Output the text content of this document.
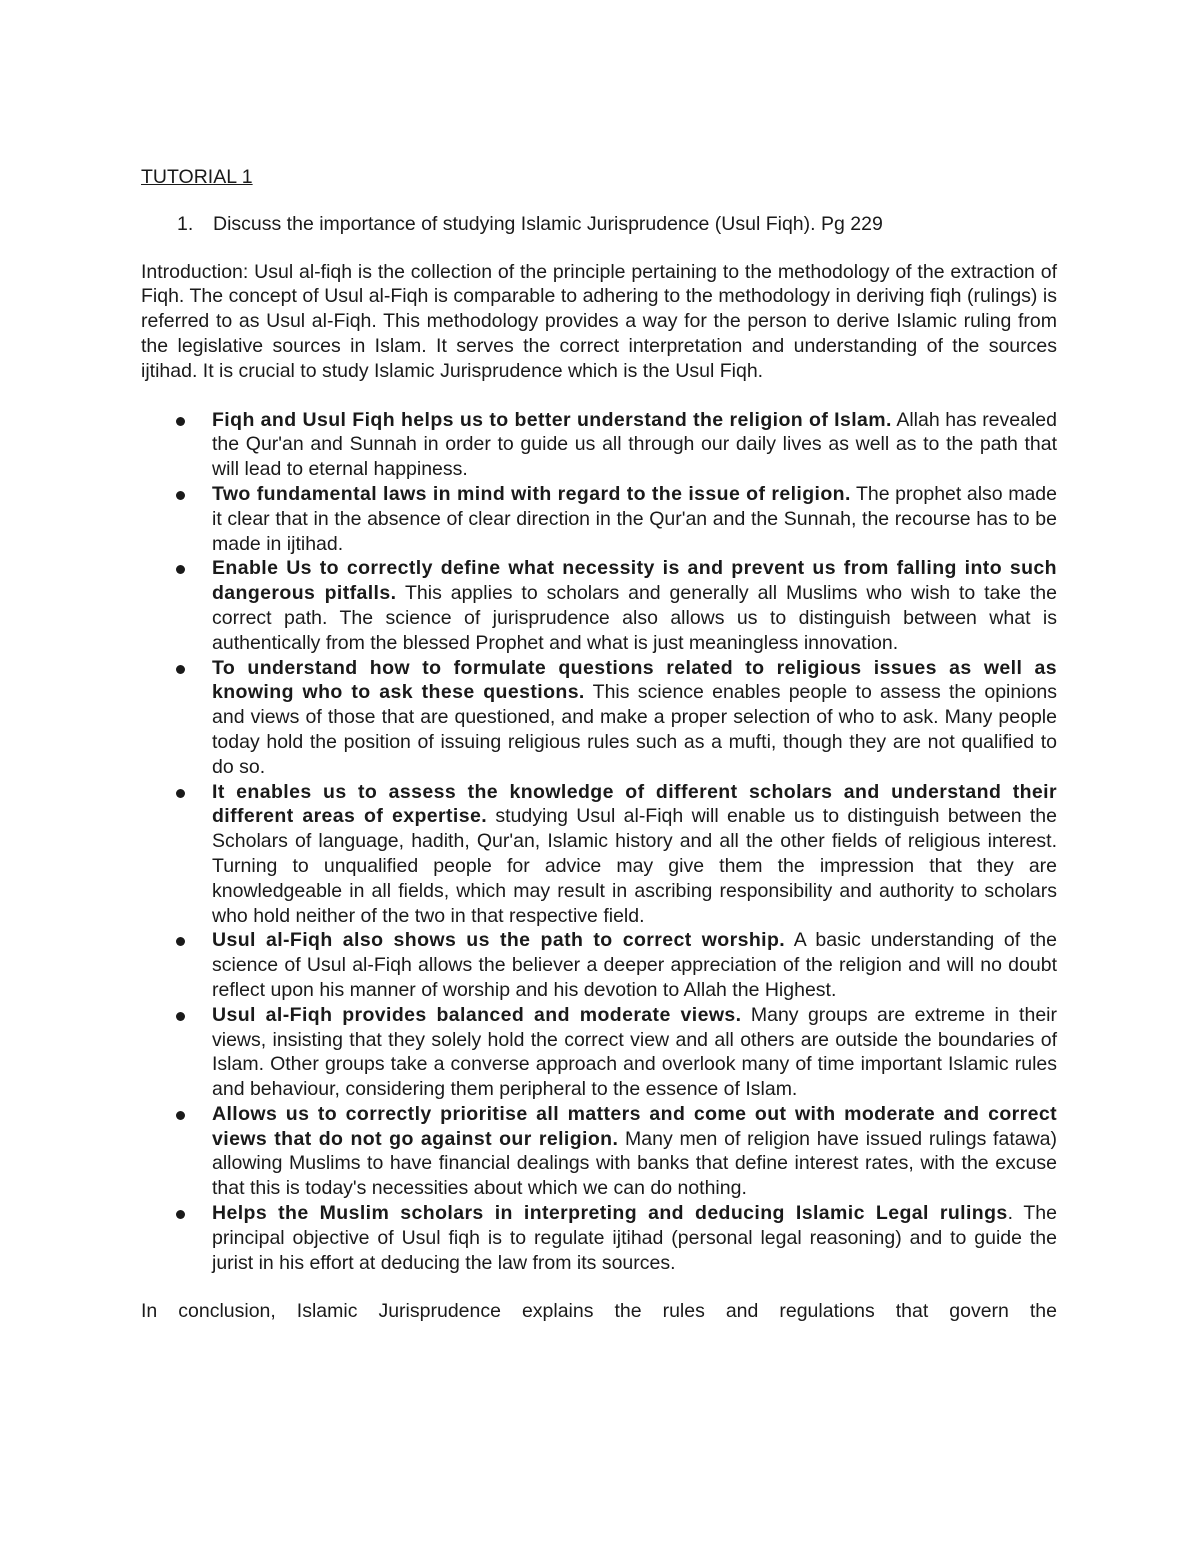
TUTORIAL 1
1.	Discuss the importance of studying Islamic Jurisprudence (Usul Fiqh). Pg 229

Introduction: Usul al-fiqh is the collection of the principle pertaining to the methodology of the extraction of Fiqh. The concept of Usul al-Fiqh is comparable to adhering to the methodology in deriving fiqh (rulings) is referred to as Usul al-Fiqh. This methodology provides a way for the person to derive Islamic ruling from the legislative sources in Islam. It serves the correct interpretation and understanding of the sources ijtihad. It is crucial to study Islamic Jurisprudence which is the Usul Fiqh.

Fiqh and Usul Fiqh helps us to better understand the religion of Islam. Allah has revealed the Qur'an and Sunnah in order to guide us all through our daily lives as well as to the path that will lead to eternal happiness.
Two fundamental laws in mind with regard to the issue of religion. The prophet also made it clear that in the absence of clear direction in the Qur'an and the Sunnah, the recourse has to be made in ijtihad.
Enable Us to correctly define what necessity is and prevent us from falling into such dangerous pitfalls. This applies to scholars and generally all Muslims who wish to take the correct path. The science of jurisprudence also allows us to distinguish between what is authentically from the blessed Prophet and what is just meaningless innovation.
To understand how to formulate questions related to religious issues as well as knowing who to ask these questions. This science enables people to assess the opinions and views of those that are questioned, and make a proper selection of who to ask. Many people today hold the position of issuing religious rules such as a mufti, though they are not qualified to do so.
It enables us to assess the knowledge of different scholars and understand their different areas of expertise. studying Usul al-Fiqh will enable us to distinguish between the Scholars of language, hadith, Qur'an, Islamic history and all the other fields of religious interest. Turning to unqualified people for advice may give them the impression that they are knowledgeable in all fields, which may result in ascribing responsibility and authority to scholars who hold neither of the two in that respective field.
Usul al-Fiqh also shows us the path to correct worship. A basic understanding of the science of Usul al-Fiqh allows the believer a deeper appreciation of the religion and will no doubt reflect upon his manner of worship and his devotion to Allah the Highest.
Usul al-Fiqh provides balanced and moderate views. Many groups are extreme in their views, insisting that they solely hold the correct view and all others are outside the boundaries of Islam. Other groups take a converse approach and overlook many of time important Islamic rules and behaviour, considering them peripheral to the essence of Islam.
Allows us to correctly prioritise all matters and come out with moderate and correct views that do not go against our religion. Many men of religion have issued rulings fatawa) allowing Muslims to have financial dealings with banks that define interest rates, with the excuse that this is today's necessities about which we can do nothing.
Helps the Muslim scholars in interpreting and deducing Islamic Legal rulings. The principal objective of Usul fiqh is to regulate ijtihad (personal legal reasoning) and to guide the jurist in his effort at deducing the law from its sources.

In conclusion, Islamic Jurisprudence explains the rules and regulations that govern the
